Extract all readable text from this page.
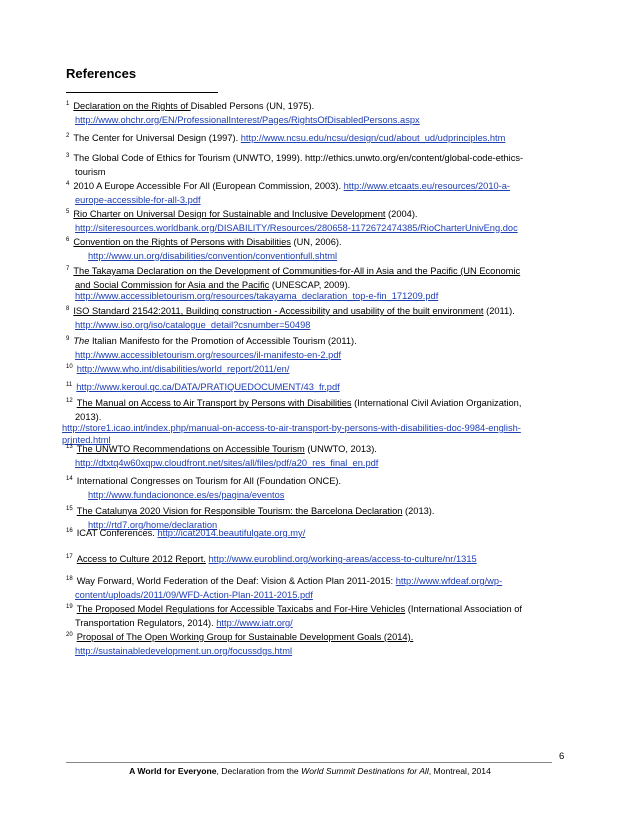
References
$^1$ Declaration on the Rights of Disabled Persons (UN, 1975).
http://www.ohchr.org/EN/ProfessionalInterest/Pages/RightsOfDisabledPersons.aspx
$^2$ The Center for Universal Design (1997). http://www.ncsu.edu/ncsu/design/cud/about_ud/udprinciples.htm
$^3$ The Global Code of Ethics for Tourism (UNWTO, 1999). http://ethics.unwto.org/en/content/global-code-ethics-
tourism
$^4$ 2010 A Europe Accessible For All (European Commission, 2003). http://www.etcaats.eu/resources/2010-a-
europe-accessible-for-all-3.pdf
$^5$ Rio Charter on Universal Design for Sustainable and Inclusive Development (2004).
http://siteresources.worldbank.org/DISABILITY/Resources/280658-1172672474385/RioCharterUnivEng.doc
$^6$ Convention on the Rights of Persons with Disabilities (UN, 2006).
http://www.un.org/disabilities/convention/conventionfull.shtml
$^7$ The Takayama Declaration on the Development of Communities-for-All in Asia and the Pacific (UN Economic
and Social Commission for Asia and the Pacific (UNESCAP, 2009).
http://www.accessibletourism.org/resources/takayama_declaration_top-e-fin_171209.pdf
$^8$ ISO Standard 21542:2011, Building construction - Accessibility and usability of the built environment (2011).
http://www.iso.org/iso/catalogue_detail?csnumber=50498
$^9$ The Italian Manifesto for the Promotion of Accessible Tourism (2011).
http://www.accessibletourism.org/resources/il-manifesto-en-2.pdf
$^{10}$ http://www.who.int/disabilities/world_report/2011/en/
$^{11}$ http://www.keroul.qc.ca/DATA/PRATIQUEDOCUMENT/43_fr.pdf
$^{12}$ The Manual on Access to Air Transport by Persons with Disabilities (International Civil Aviation Organization,
2013).
http://store1.icao.int/index.php/manual-on-access-to-air-transport-by-persons-with-disabilities-doc-9984-english-
printed.html
$^{13}$ The UNWTO Recommendations on Accessible Tourism (UNWTO, 2013).
http://dtxtq4w60xqpw.cloudfront.net/sites/all/files/pdf/a20_res_final_en.pdf
$^{14}$ International Congresses on Tourism for All (Foundation ONCE).
http://www.fundaciononce.es/es/pagina/eventos
$^{15}$ The Catalunya 2020 Vision for Responsible Tourism: the Barcelona Declaration (2013).
http://rtd7.org/home/declaration
$^{16}$ ICAT Conferences. http://icat2014.beautifulgate.org.my/
$^{17}$ Access to Culture 2012 Report. http://www.euroblind.org/working-areas/access-to-culture/nr/1315
$^{18}$ Way Forward, World Federation of the Deaf: Vision & Action Plan 2011-2015: http://www.wfdeaf.org/wp-
content/uploads/2011/09/WFD-Action-Plan-2011-2015.pdf
$^{19}$ The Proposed Model Regulations for Accessible Taxicabs and For-Hire Vehicles (International Association of
Transportation Regulators, 2014). http://www.iatr.org/
$^{20}$ Proposal of The Open Working Group for Sustainable Development Goals (2014).
http://sustainabledevelopment.un.org/focussdgs.html
6
A World for Everyone, Declaration from the World Summit Destinations for All, Montreal, 2014
